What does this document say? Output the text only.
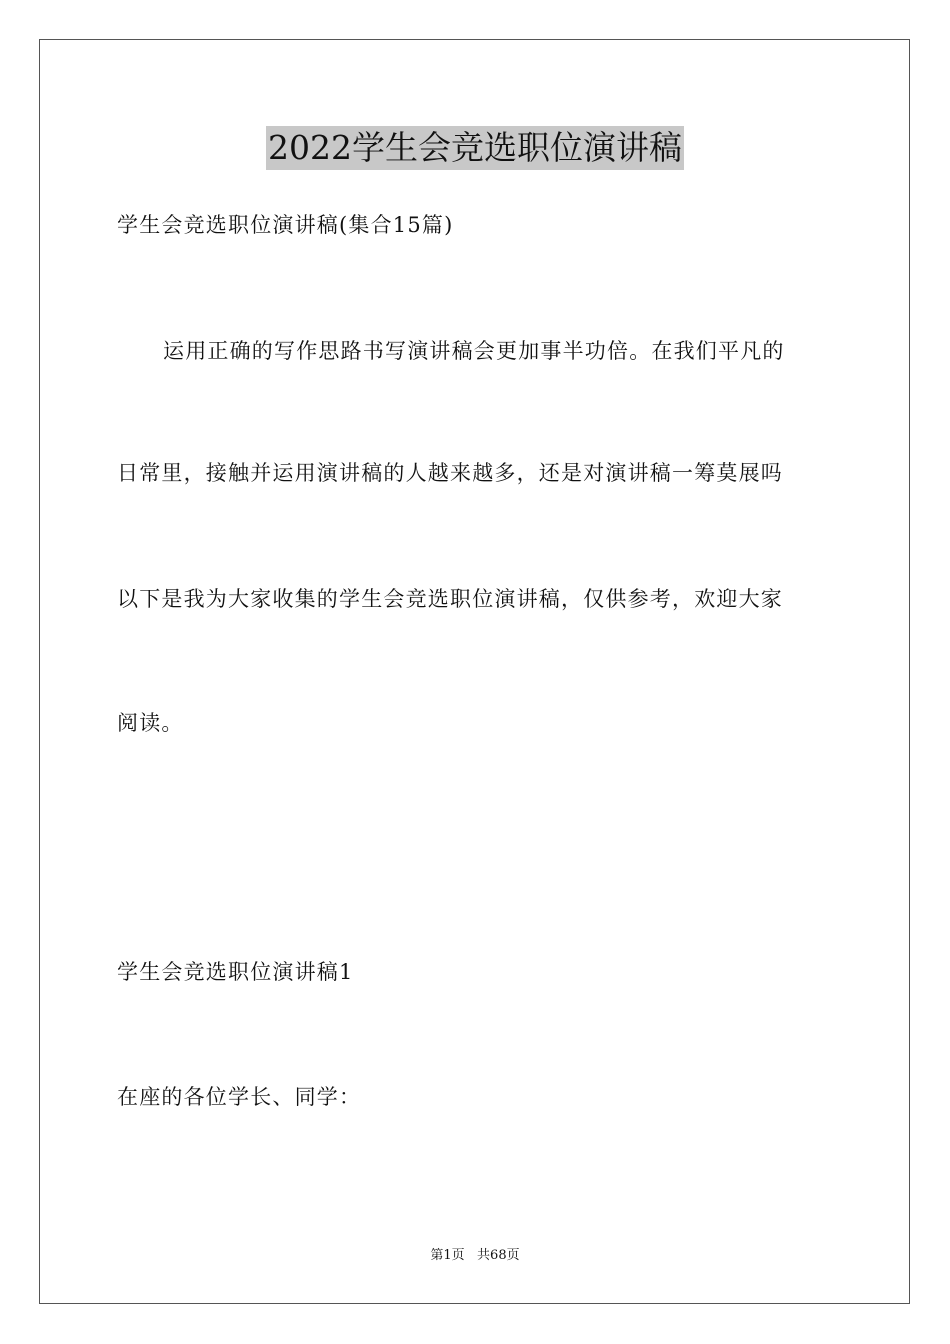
2022学生会竞选职位演讲稿
学生会竞选职位演讲稿(集合15篇)
运用正确的写作思路书写演讲稿会更加事半功倍。在我们平凡的
日常里，接触并运用演讲稿的人越来越多，还是对演讲稿一筹莫展吗
以下是我为大家收集的学生会竞选职位演讲稿，仅供参考，欢迎大家
阅读。
学生会竞选职位演讲稿1
在座的各位学长、同学：
第1页   共68页
